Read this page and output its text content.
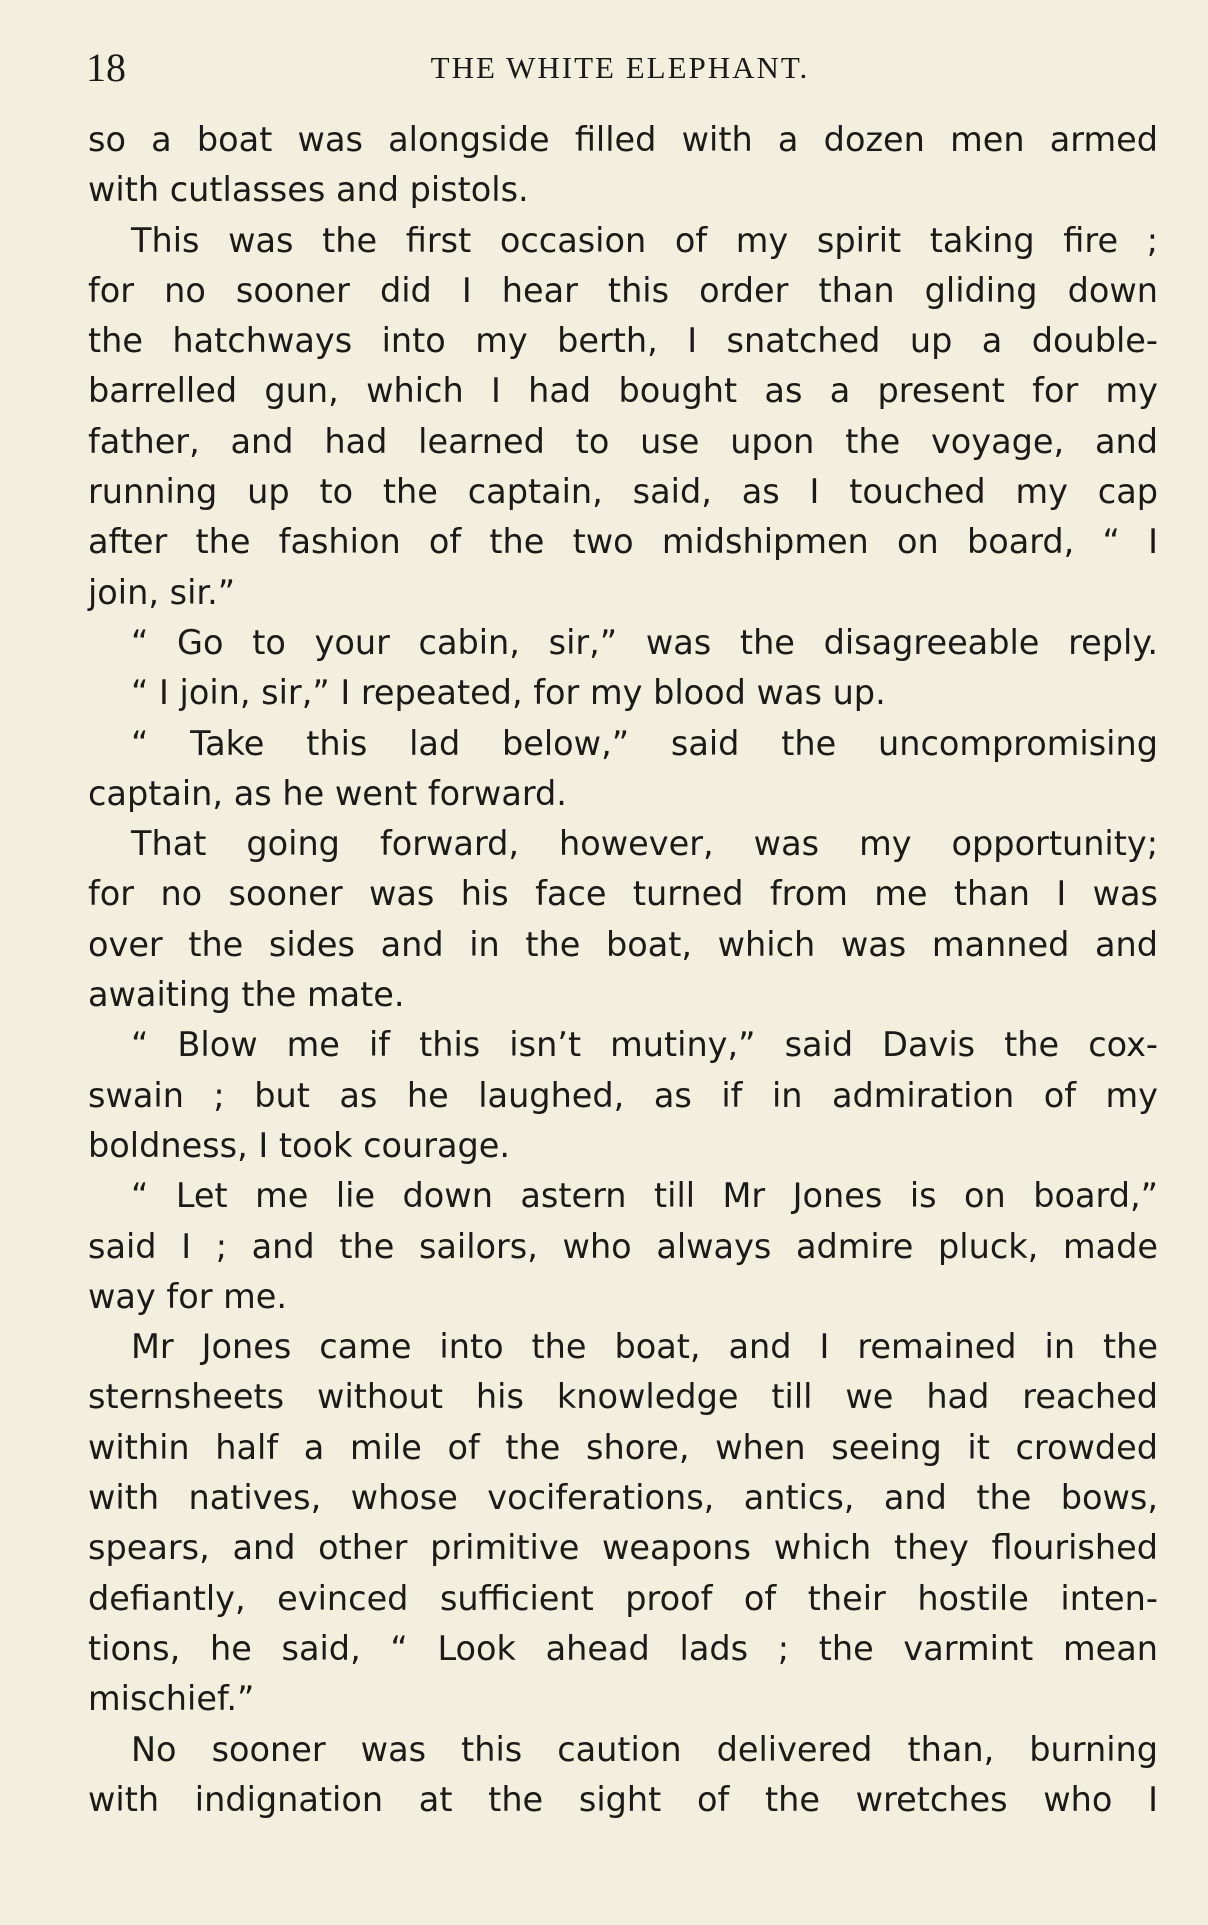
18	THE WHITE ELEPHANT.
so a boat was alongside filled with a dozen men armed
with cutlasses and pistols.
This was the first occasion of my spirit taking fire ;
for no sooner did I hear this order than gliding down
the hatchways into my berth, I snatched up a double-
barrelled gun, which I had bought as a present for my
father, and had learned to use upon the voyage, and
running up to the captain, said, as I touched my cap
after the fashion of the two midshipmen on board, “ I
join, sir.”
“ Go to your cabin, sir,” was the disagreeable reply.
“ I join, sir,” I repeated, for my blood was up.
“ Take this lad below,” said the uncompromising
captain, as he went forward.
That going forward, however, was my opportunity;
for no sooner was his face turned from me than I was
over the sides and in the boat, which was manned and
awaiting the mate.
“ Blow me if this isn’t mutiny,” said Davis the cox-
swain ; but as he laughed, as if in admiration of my
boldness, I took courage.
“ Let me lie down astern till Mr Jones is on board,”
said I ; and the sailors, who always admire pluck, made
way for me.
Mr Jones came into the boat, and I remained in the
sternsheets without his knowledge till we had reached
within half a mile of the shore, when seeing it crowded
with natives, whose vociferations, antics, and the bows,
spears, and other primitive weapons which they flourished
defiantly, evinced sufficient proof of their hostile inten-
tions, he said, “ Look ahead lads ; the varmint mean
mischief.”
No sooner was this caution delivered than, burning
with indignation at the sight of the wretches who I
